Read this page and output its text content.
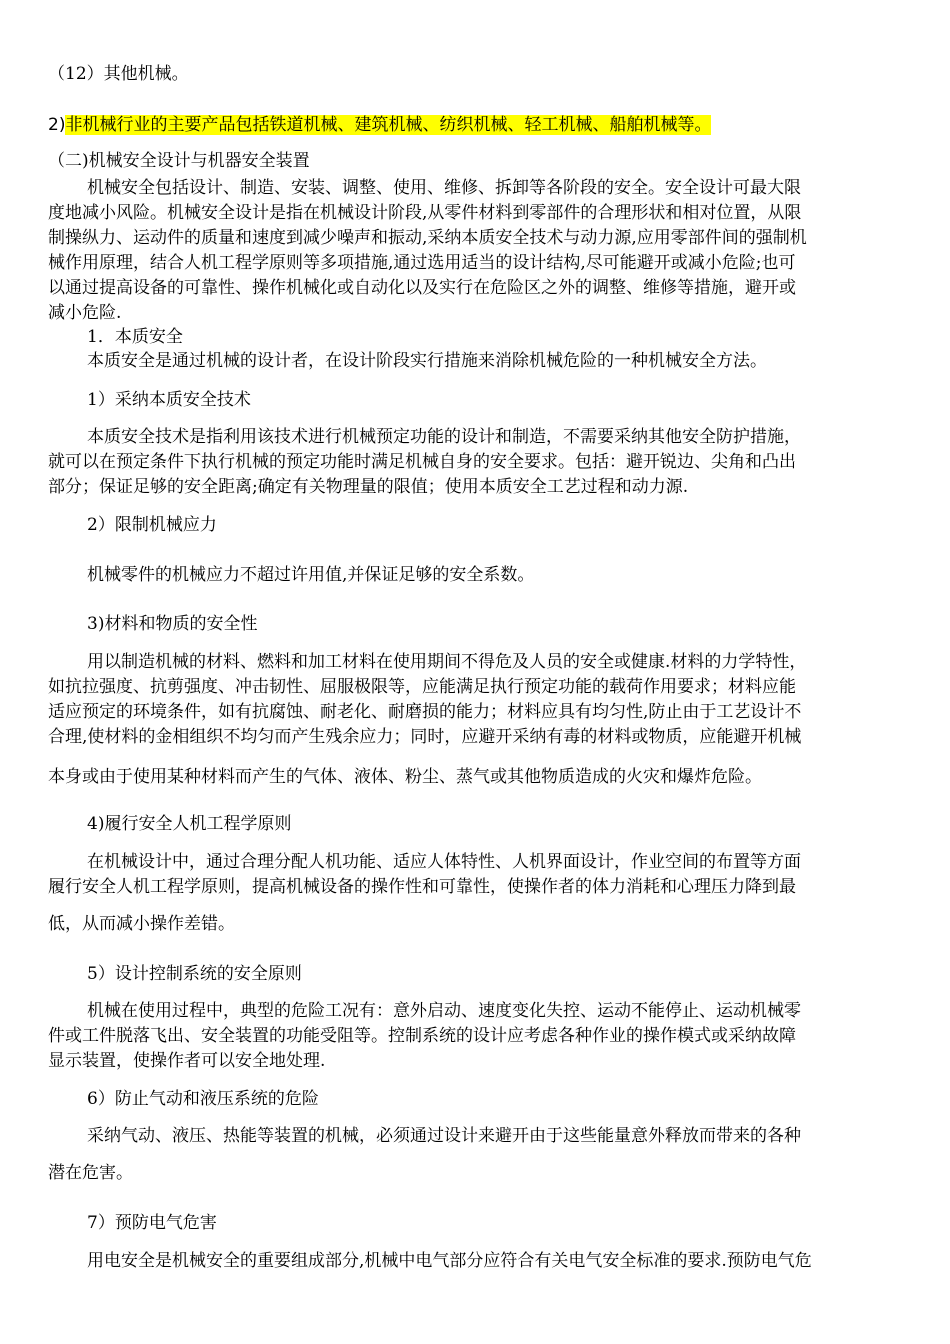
（12）其他机械。
2)非机械行业的主要产品包括铁道机械、建筑机械、纺织机械、轻工机械、船舶机械等。
（二)机械安全设计与机器安全装置
机械安全包括设计、制造、安装、调整、使用、维修、拆卸等各阶段的安全。安全设计可最大限
度地减小风险。机械安全设计是指在机械设计阶段,从零件材料到零部件的合理形状和相对位置，从限
制操纵力、运动件的质量和速度到减少噪声和振动,采纳本质安全技术与动力源,应用零部件间的强制机
械作用原理，结合人机工程学原则等多项措施,通过选用适当的设计结构,尽可能避开或减小危险;也可
以通过提高设备的可靠性、操作机械化或自动化以及实行在危险区之外的调整、维修等措施，避开或
减小危险.
1．本质安全
本质安全是通过机械的设计者，在设计阶段实行措施来消除机械危险的一种机械安全方法。
1）采纳本质安全技术
本质安全技术是指利用该技术进行机械预定功能的设计和制造，不需要采纳其他安全防护措施，
就可以在预定条件下执行机械的预定功能时满足机械自身的安全要求。包括：避开锐边、尖角和凸出
部分；保证足够的安全距离;确定有关物理量的限值；使用本质安全工艺过程和动力源.
2）限制机械应力
机械零件的机械应力不超过许用值,并保证足够的安全系数。
3)材料和物质的安全性
用以制造机械的材料、燃料和加工材料在使用期间不得危及人员的安全或健康.材料的力学特性，
如抗拉强度、抗剪强度、冲击韧性、屈服极限等，应能满足执行预定功能的载荷作用要求；材料应能
适应预定的环境条件，如有抗腐蚀、耐老化、耐磨损的能力；材料应具有均匀性,防止由于工艺设计不
合理,使材料的金相组织不均匀而产生残余应力；同时，应避开采纳有毒的材料或物质，应能避开机械
本身或由于使用某种材料而产生的气体、液体、粉尘、蒸气或其他物质造成的火灾和爆炸危险。
4)履行安全人机工程学原则
在机械设计中，通过合理分配人机功能、适应人体特性、人机界面设计，作业空间的布置等方面
履行安全人机工程学原则，提高机械设备的操作性和可靠性，使操作者的体力消耗和心理压力降到最
低，从而减小操作差错。
5）设计控制系统的安全原则
机械在使用过程中，典型的危险工况有：意外启动、速度变化失控、运动不能停止、运动机械零
件或工件脱落飞出、安全装置的功能受阻等。控制系统的设计应考虑各种作业的操作模式或采纳故障
显示装置，使操作者可以安全地处理.
6）防止气动和液压系统的危险
采纳气动、液压、热能等装置的机械，必须通过设计来避开由于这些能量意外释放而带来的各种
潜在危害。
7）预防电气危害
用电安全是机械安全的重要组成部分,机械中电气部分应符合有关电气安全标准的要求.预防电气危
